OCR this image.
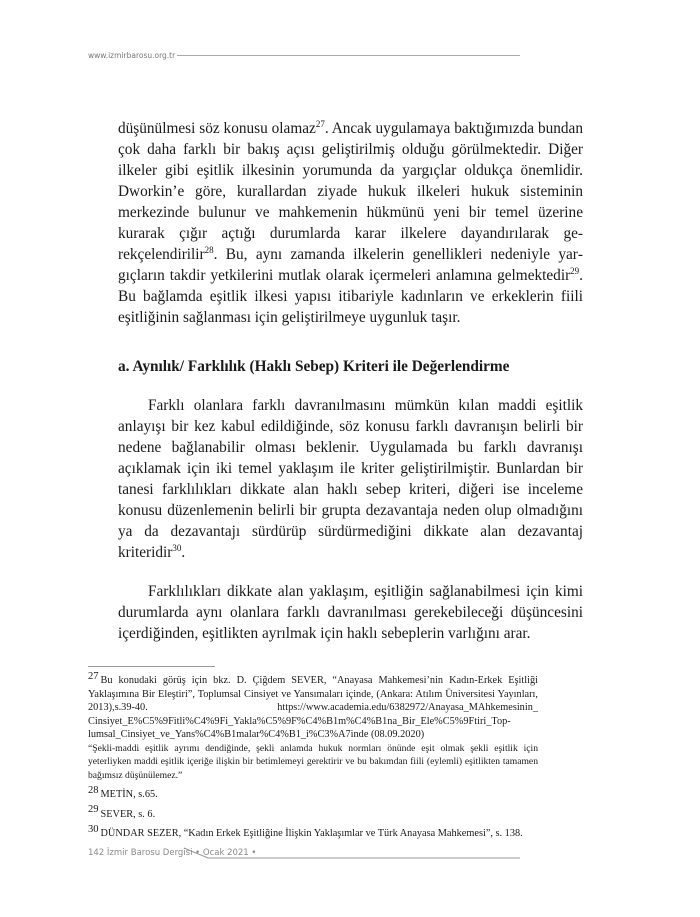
www.izmirbarosu.org.tr

düşünülmesi söz konusu olamaz$^{27}$. Ancak uygulamaya baktığımızda bundan çok daha farklı bir bakış açısı geliştirilmiş olduğu görülmektedir. Diğer ilkeler gibi eşitlik ilkesinin yorumunda da yargıçlar oldukça önemlidir. Dworkin’e göre, kurallardan ziyade hukuk ilkeleri hukuk sisteminin merkezinde bulunur ve mahkemenin hükmünü yeni bir temel üzerine kurarak çığır açtığı durumlarda karar ilkelere dayandırılarak gerekçelendirilir$^{28}$. Bu, aynı zamanda ilkelerin genellikleri nedeniyle yargıçların takdir yetkilerini mutlak olarak içermeleri anlamına gelmektedir$^{29}$. Bu bağlamda eşitlik ilkesi yapısı itibariyle kadınların ve erkeklerin fiili eşitliğinin sağlanması için geliştirilmeye uygunluk taşır.

a. Aynılık/ Farklılık (Haklı Sebep) Kriteri ile Değerlendirme

Farklı olanlara farklı davranılmasını mümkün kılan maddi eşitlik anlayışı bir kez kabul edildiğinde, söz konusu farklı davranışın belirli bir nedene bağlanabilir olması beklenir. Uygulamada bu farklı davranışı açıklamak için iki temel yaklaşım ile kriter geliştirilmiştir. Bunlardan bir tanesi farklılıkları dikkate alan haklı sebep kriteri, diğeri ise inceleme konusu düzenlemenin belirli bir grupta dezavantaja neden olup olmadığını ya da dezavantajı sürdürüp sürdürmediğini dikkate alan dezavantaj kriteridir$^{30}$.

Farklılıkları dikkate alan yaklaşım, eşitliğin sağlanabilmesi için kimi durumlarda aynı olanlara farklı davranılması gerekebileceği düşüncesini içerdiğinden, eşitlikten ayrılmak için haklı sebeplerin varlığını arar.

27 Bu konudaki görüş için bkz. D. Çiğdem SEVER, “Anayasa Mahkemesi’nin Kadın-Erkek Eşitliği Yaklaşımına Bir Eleştiri”, Toplumsal Cinsiyet ve Yansımaları içinde, (Ankara: Atılım Üniversitesi Yayınları, 2013),s.39-40. https://www.academia.edu/6382972/Anayasa_MAhkemesinin_ Cinsiyet_E%C5%9Fitli%C4%9Fi_Yakla%C5%9F%C4%B1m%C4%B1na_Bir_Ele%C5%9Ftiri_Toplumsal_Cinsiyet_ve_Yans%C4%B1malar%C4%B1_i%C3%A7inde (08.09.2020)
“Şekli-maddi eşitlik ayrımı dendiğinde, şekli anlamda hukuk normları önünde eşit olmak şekli eşitlik için yeterliyken maddi eşitlik içeriğe ilişkin bir betimlemeyi gerektirir ve bu bakımdan fiili (eylemli) eşitlikten tamamen bağımsız düşünülemez.”
28 METİN, s.65.
29 SEVER, s. 6.
30 DÜNDAR SEZER, “Kadın Erkek Eşitliğine İlişkin Yaklaşımlar ve Türk Anayasa Mahkemesi”, s. 138.
142 İzmir Barosu Dergisi • Ocak 2021 •
